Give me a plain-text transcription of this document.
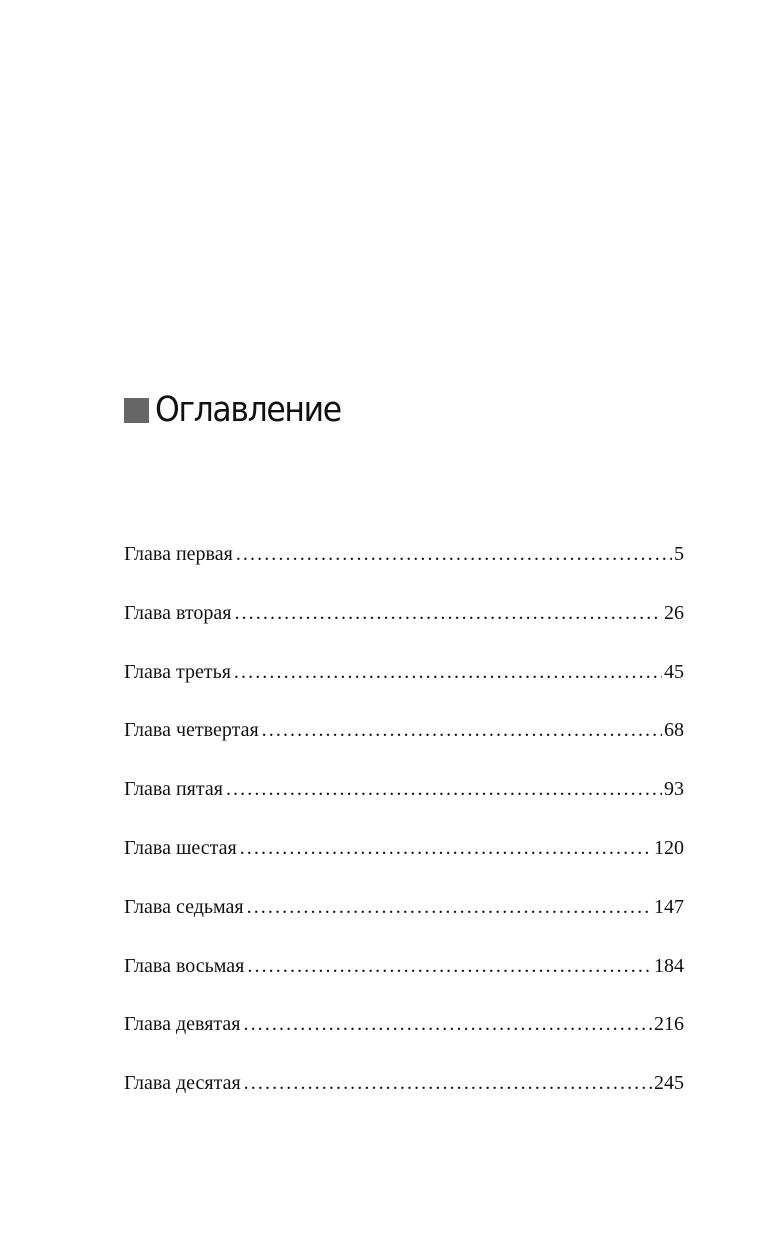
Оглавление
Глава первая .....	5
Глава вторая .....	26
Глава третья .....	45
Глава четвертая .....	68
Глава пятая .....	93
Глава шестая .....	120
Глава седьмая .....	147
Глава восьмая .....	184
Глава девятая .....	216
Глава десятая .....	245
